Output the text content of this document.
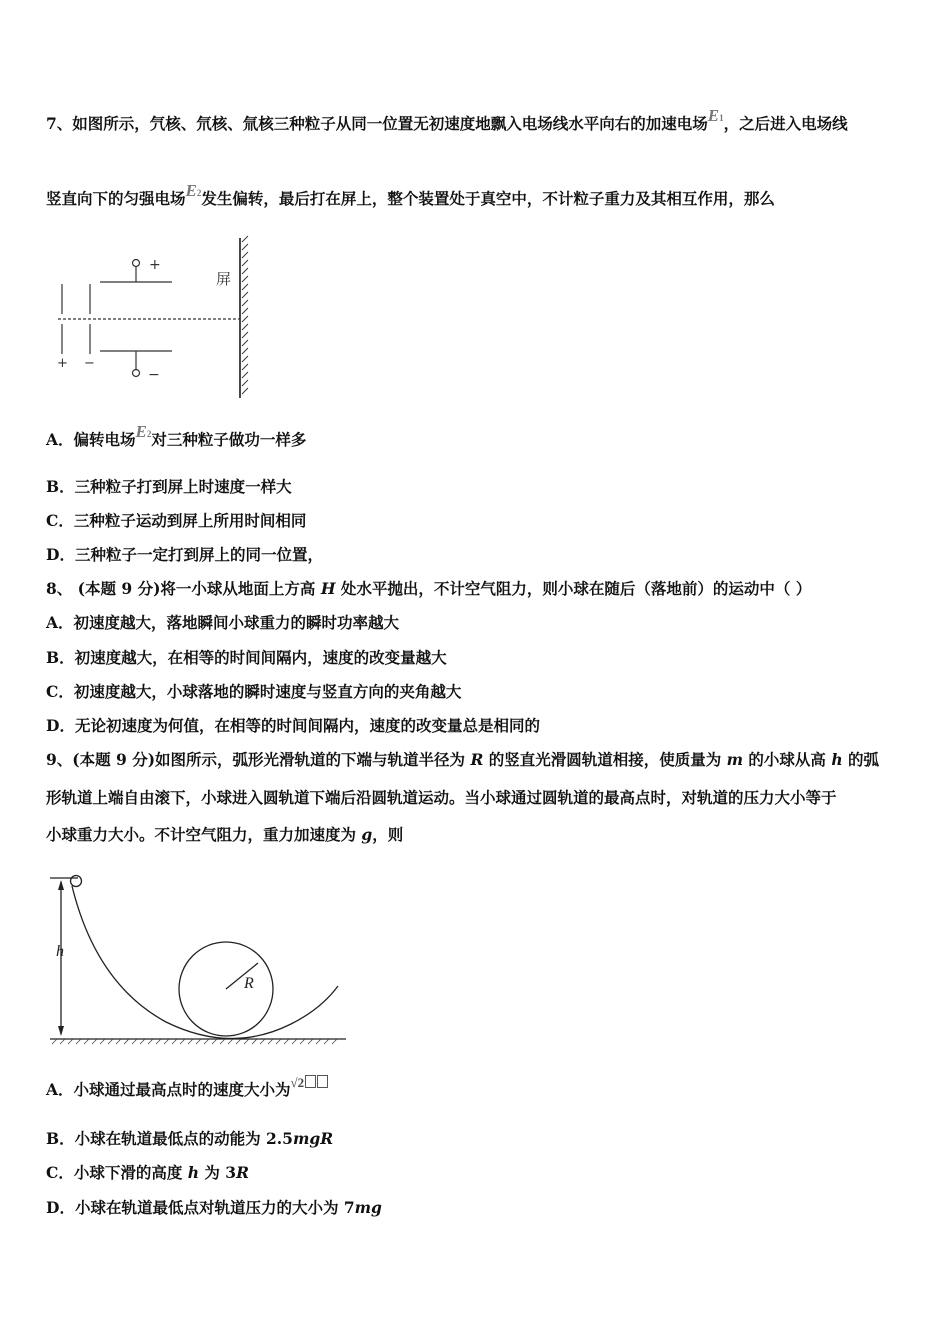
7、如图所示，氕核、氘核、氚核三种粒子从同一位置无初速度地飘入电场线水平向右的加速电场E1，之后进入电场线
竖直向下的匀强电场E2发生偏转，最后打在屏上，整个装置处于真空中，不计粒子重力及其相互作用，那么
屏
+
−
+ −
A．偏转电场E2对三种粒子做功一样多
B．三种粒子打到屏上时速度一样大
C．三种粒子运动到屏上所用时间相同
D．三种粒子一定打到屏上的同一位置，
8、 (本题 9 分)将一小球从地面上方高 H 处水平抛出，不计空气阻力，则小球在随后（落地前）的运动中（ ）
A．初速度越大，落地瞬间小球重力的瞬时功率越大
B．初速度越大，在相等的时间间隔内，速度的改变量越大
C．初速度越大，小球落地的瞬时速度与竖直方向的夹角越大
D．无论初速度为何值，在相等的时间间隔内，速度的改变量总是相同的
9、(本题 9 分)如图所示，弧形光滑轨道的下端与轨道半径为 R 的竖直光滑圆轨道相接，使质量为 m 的小球从高 h 的弧
形轨道上端自由滚下，小球进入圆轨道下端后沿圆轨道运动。当小球通过圆轨道的最高点时，对轨道的压力大小等于
小球重力大小。不计空气阻力，重力加速度为 g，则
h
R
A．小球通过最高点时的速度大小为$^{√2}$
B．小球在轨道最低点的动能为 2.5mgR
C．小球下滑的高度 h 为 3R
D．小球在轨道最低点对轨道压力的大小为 7mg
